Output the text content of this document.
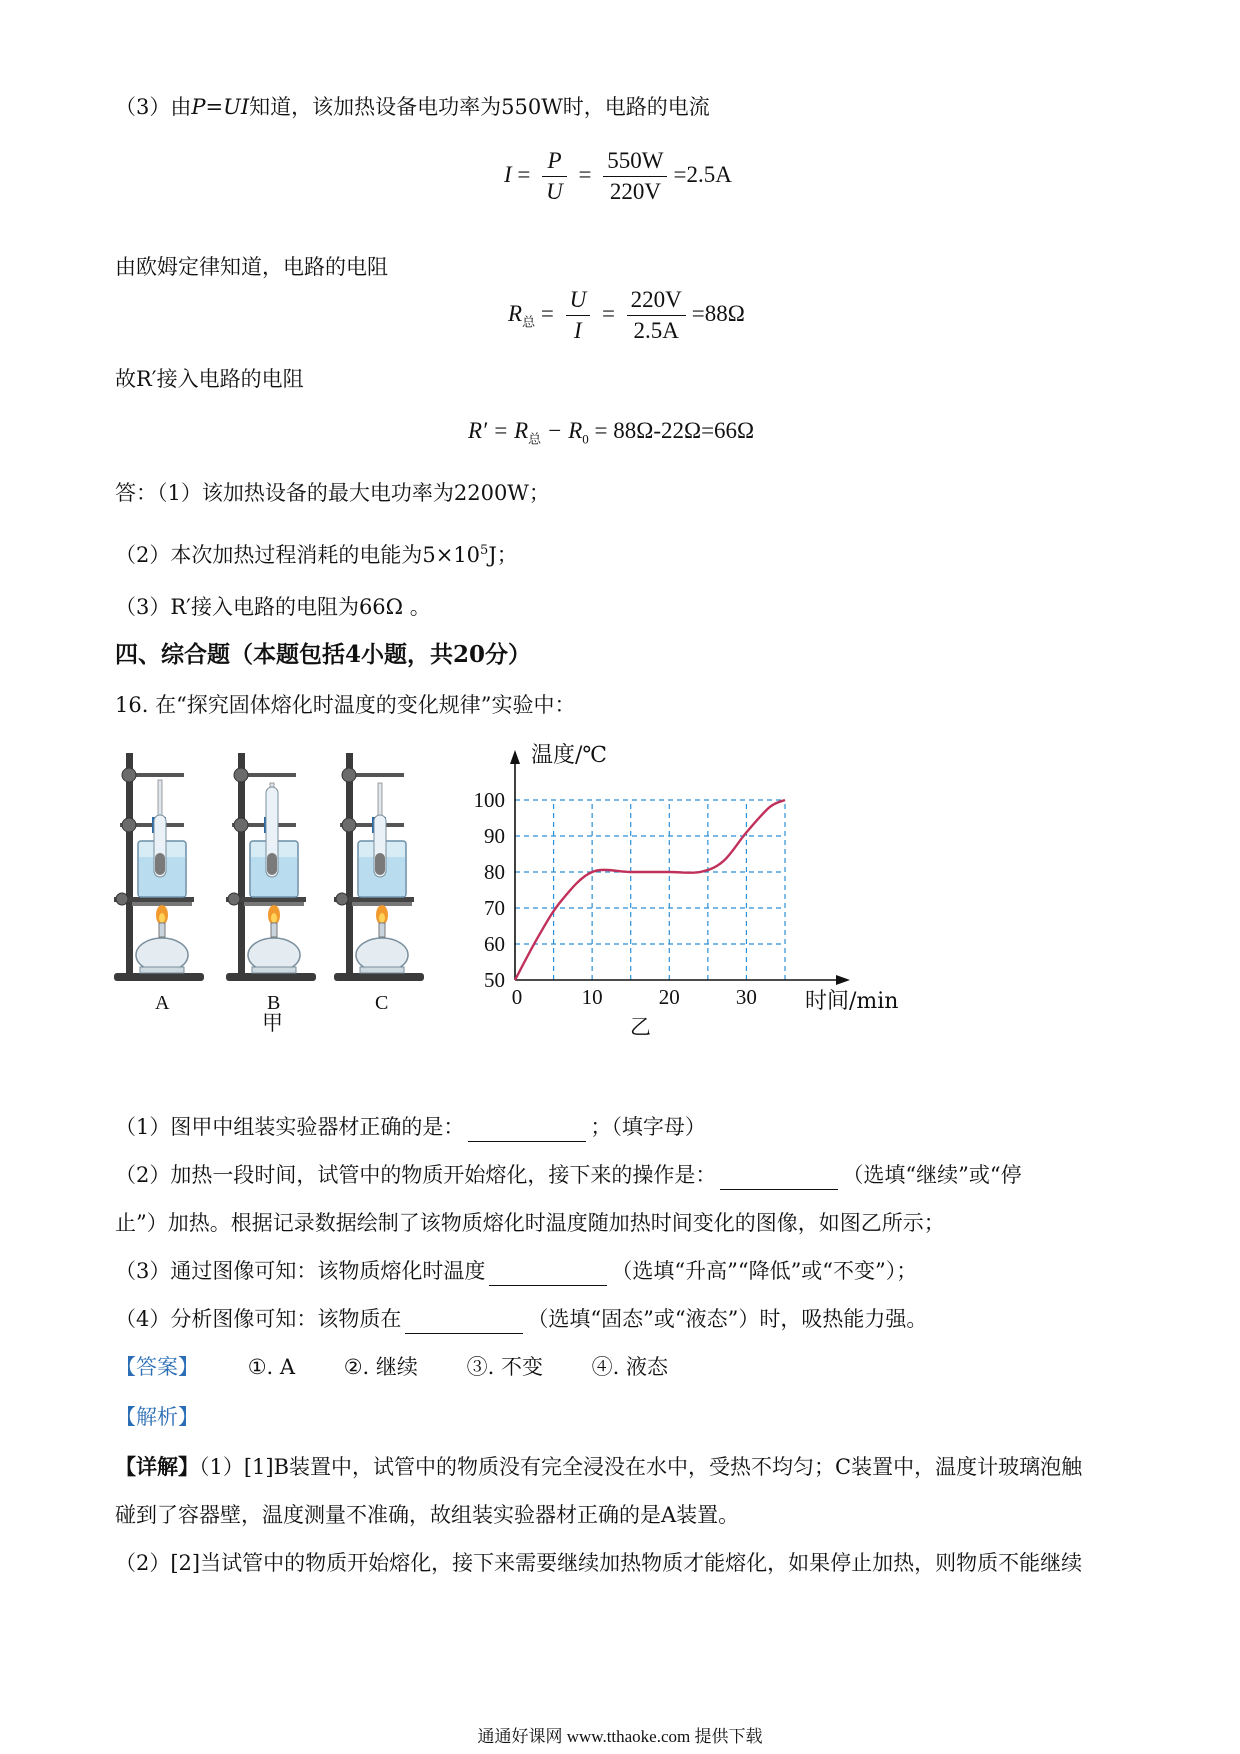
（3）由P=UI知道，该加热设备电功率为550W时，电路的电流
$I = \frac{P}{U} = \frac{550W}{220V} =2.5A$
由欧姆定律知道，电路的电阻
$R_总 = \frac{U}{I} = \frac{220V}{2.5A} =88\Omega$
故R′接入电路的电阻
$R' = R_总 - R_0 = 88\Omega-22\Omega=66\Omega$
答：（1）该加热设备的最大电功率为2200W；
（2）本次加热过程消耗的电能为$5\times 10^5J$；
（3）R′接入电路的电阻为66Ω 。
四、综合题（本题包括4小题，共20分）
16. 在“探究固体熔化时温度的变化规律”实验中：
A	B	C
50
60
70
80
90
100
0	10	20	30
温度/℃
时间/min
甲	乙
（1）图甲中组装实验器材正确的是：	；（填字母）
（2）加热一段时间，试管中的物质开始熔化，接下来的操作是：	（选填“继续”或“停
止”）加热。根据记录数据绘制了该物质熔化时温度随加热时间变化的图像，如图乙所示；
（3）通过图像可知：该物质熔化时温度	（选填“升高”“降低”或“不变”）；
（4）分析图像可知：该物质在	（选填“固态”或“液态”）时，吸热能力强。
【答案】 ①. A ②. 继续 ③. 不变 ④. 液态
【解析】
【详解】（1）[1]B装置中，试管中的物质没有完全浸没在水中，受热不均匀；C装置中，温度计玻璃泡触
碰到了容器壁，温度测量不准确，故组装实验器材正确的是A装置。
（2）[2]当试管中的物质开始熔化，接下来需要继续加热物质才能熔化，如果停止加热，则物质不能继续
通通好课网 www.tthaoke.com 提供下载
